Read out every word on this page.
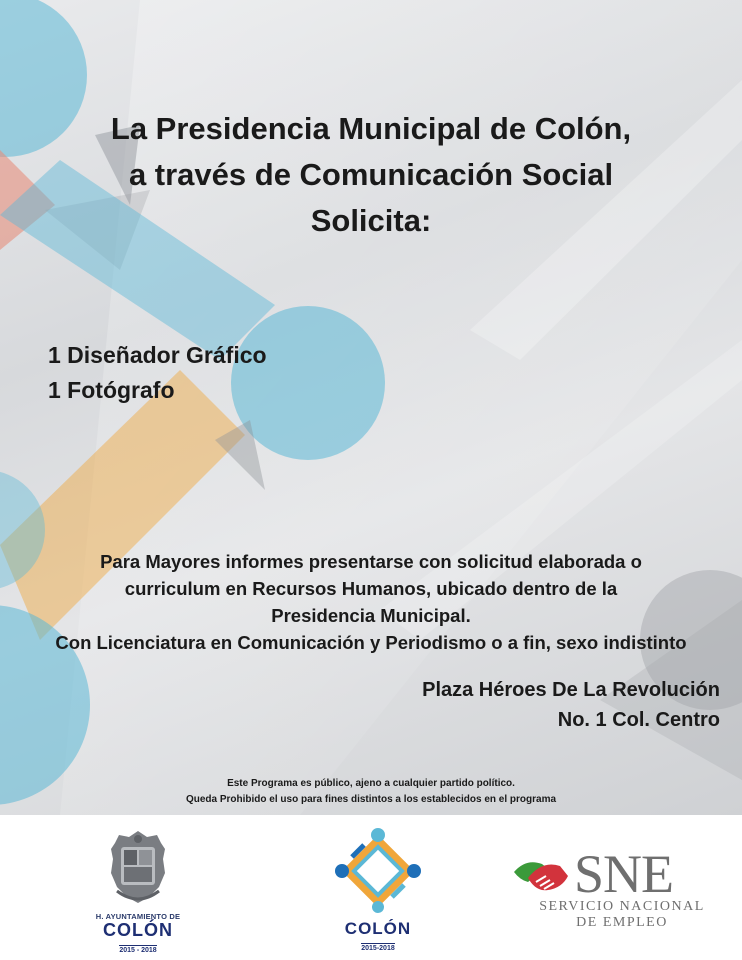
La Presidencia Municipal de Colón,
a través de Comunicación Social
Solicita:
1 Diseñador Gráfico
1 Fotógrafo
Para Mayores informes presentarse con solicitud elaborada o
curriculum en Recursos Humanos, ubicado dentro de la
Presidencia Municipal.
Con Licenciatura en Comunicación y Periodismo o a fin, sexo indistinto
Plaza Héroes De La Revolución
No. 1 Col. Centro
Este Programa es público, ajeno a cualquier partido político.
Queda Prohibido el uso para fines distintos a los establecidos en el programa
H. AYUNTAMIENTO DE
COLÓN
2015 - 2018
COLÓN
2015-2018
SNE
SERVICIO NACIONAL
DE EMPLEO
